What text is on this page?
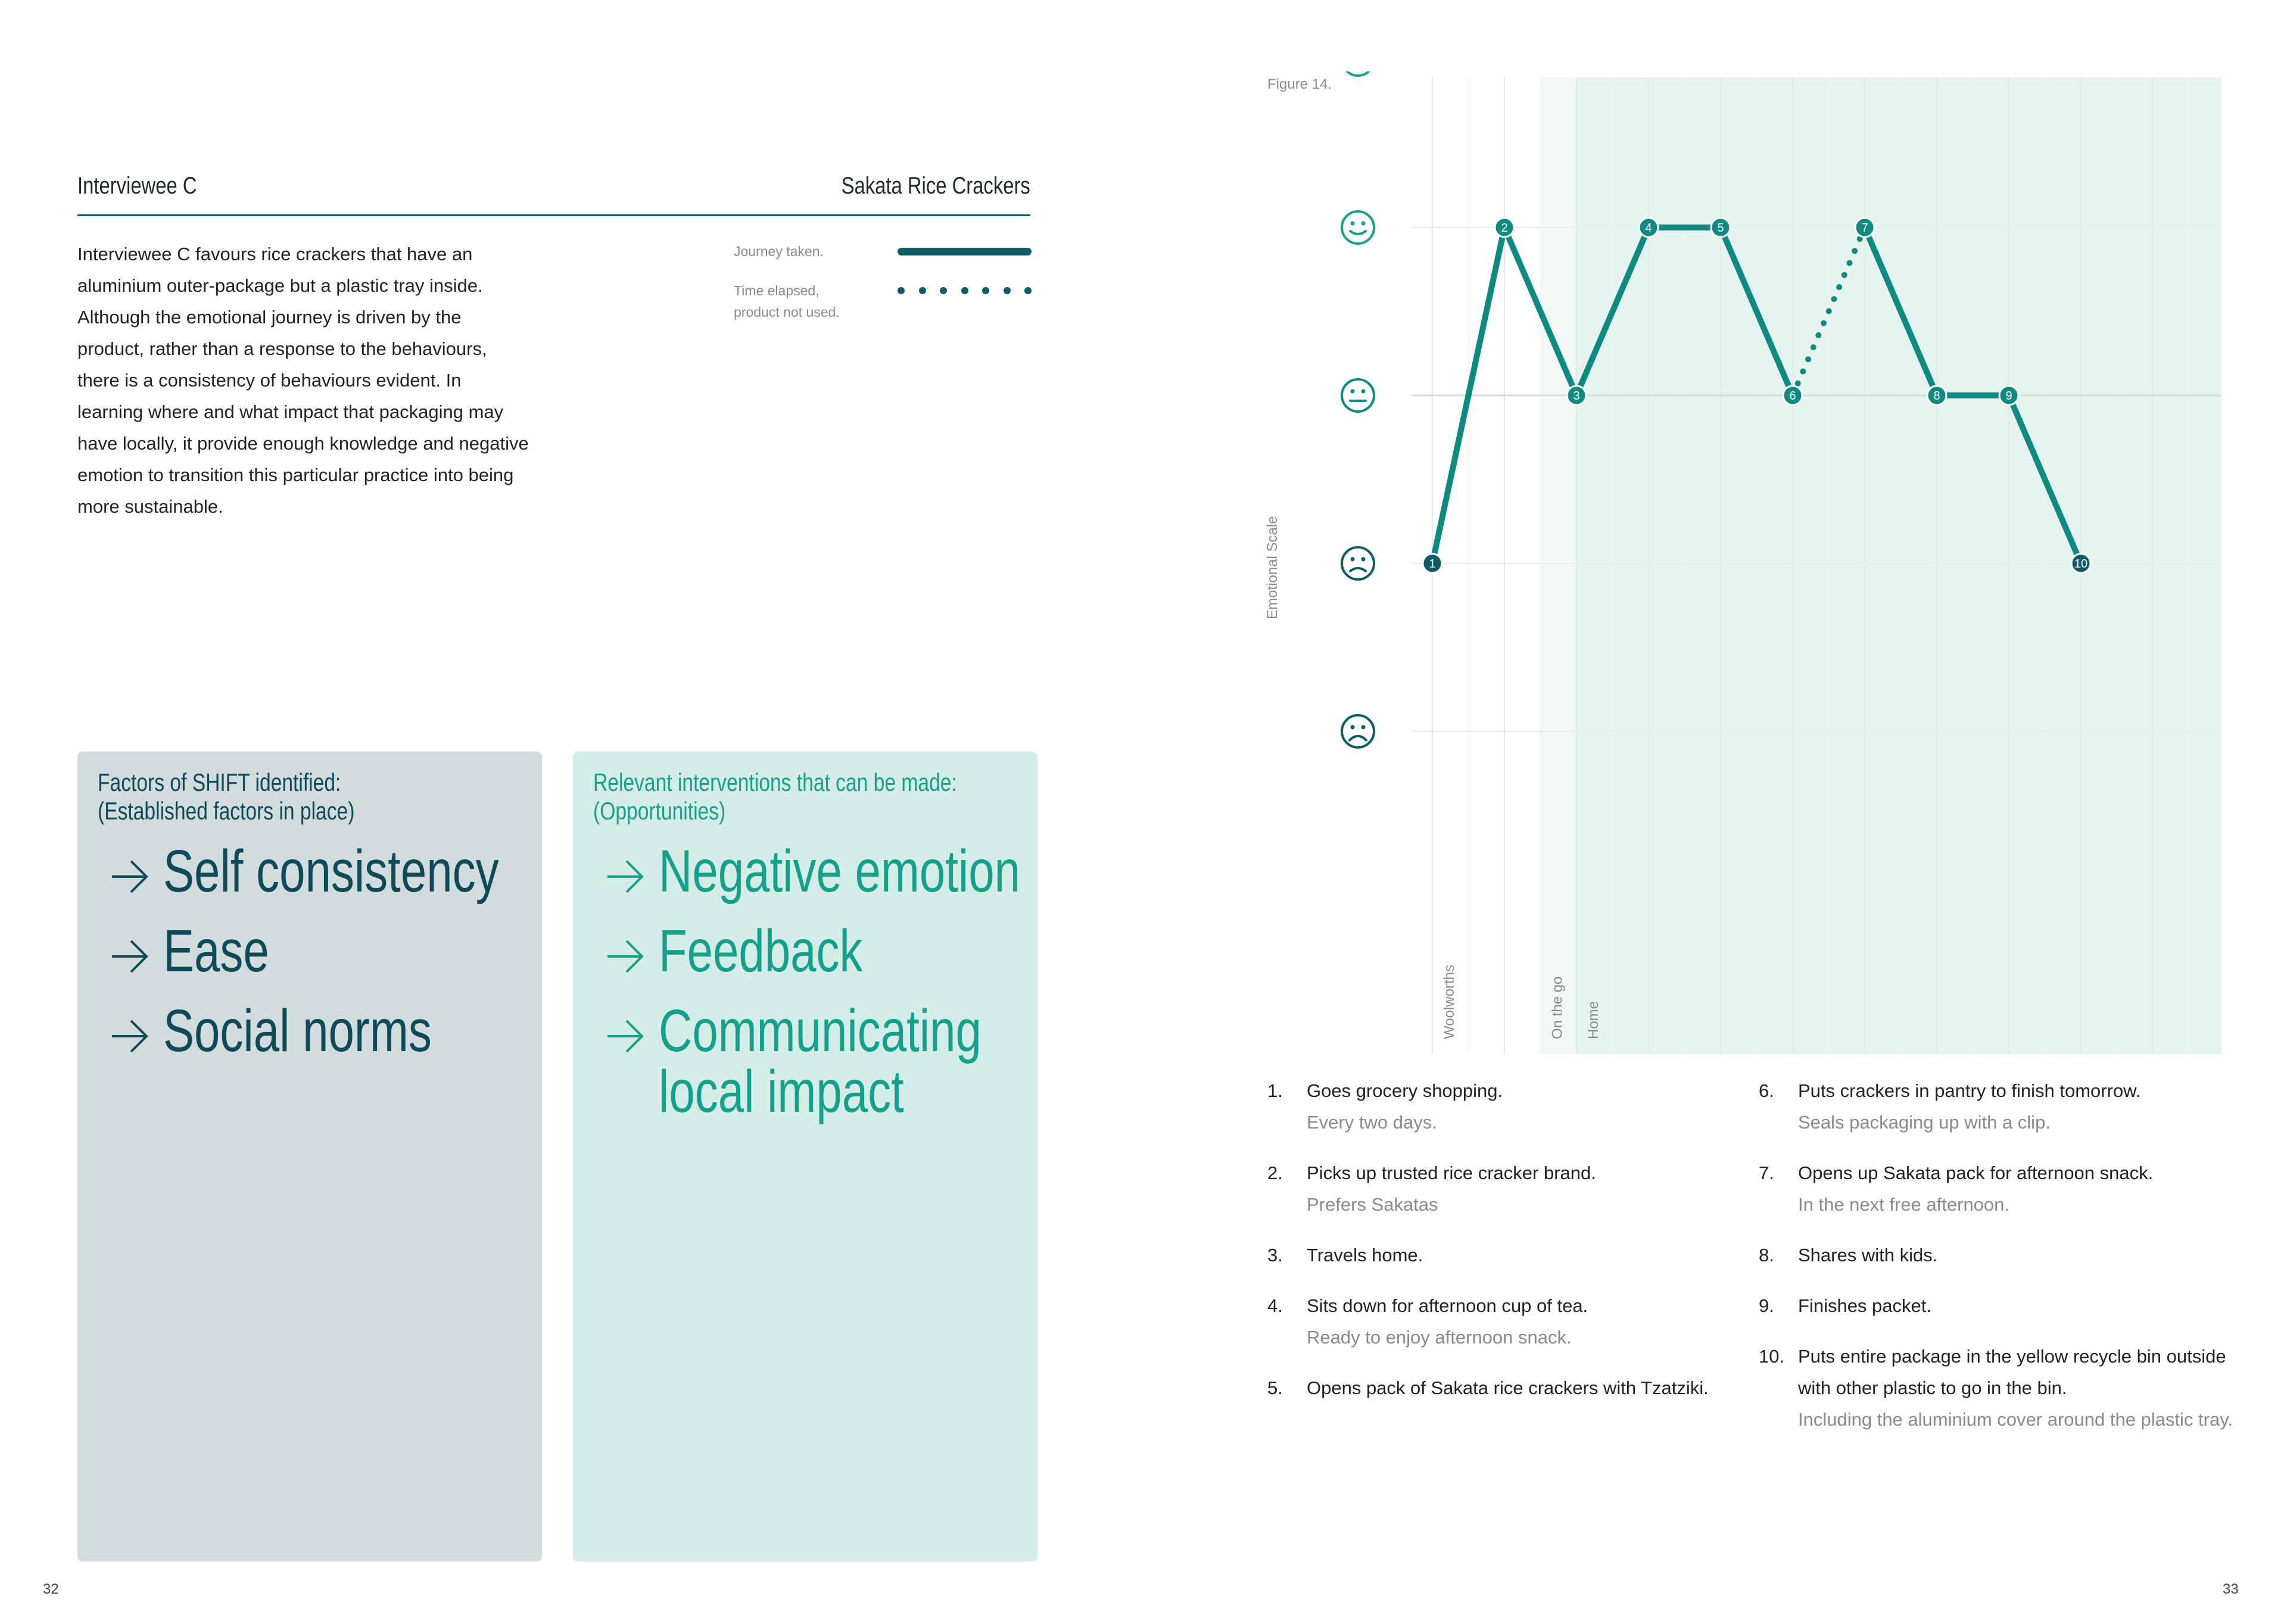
Interviewee C	Sakata Rice Crackers
Interviewee C favours rice crackers that have an aluminium outer-package but a plastic tray inside. Although the emotional journey is driven by the product, rather than a response to the behaviours, there is a consistency of behaviours evident. In learning where and what impact that packaging may have locally, it provide enough knowledge and negative emotion to transition this particular practice into being more sustainable.
Journey taken.
Time elapsed, product not used.
Factors of SHIFT identified:
(Established factors in place)
Self consistency
Ease
Social norms
Relevant interventions that can be made:
(Opportunities)
Negative emotion
Feedback
Communicating
local impact
32
Figure 14.
Woolworths	On the go Home
Emotional Scale	1
2
3
4	5
6
7
8	9
10
1.	Goes grocery shopping.
Every two days.
2.	Picks up trusted rice cracker brand.
Prefers Sakatas
3.	Travels home.
4.	Sits down for afternoon cup of tea.
Ready to enjoy afternoon snack.
5.	Opens pack of Sakata rice crackers with Tzatziki.
6.	Puts crackers in pantry to finish tomorrow.
Seals packaging up with a clip.
7.	Opens up Sakata pack for afternoon snack.
In the next free afternoon.
8.	Shares with kids.
9.	Finishes packet.
10. Puts entire package in the yellow recycle bin outside with other plastic to go in the bin.
Including the aluminium cover around the plastic tray.
33
